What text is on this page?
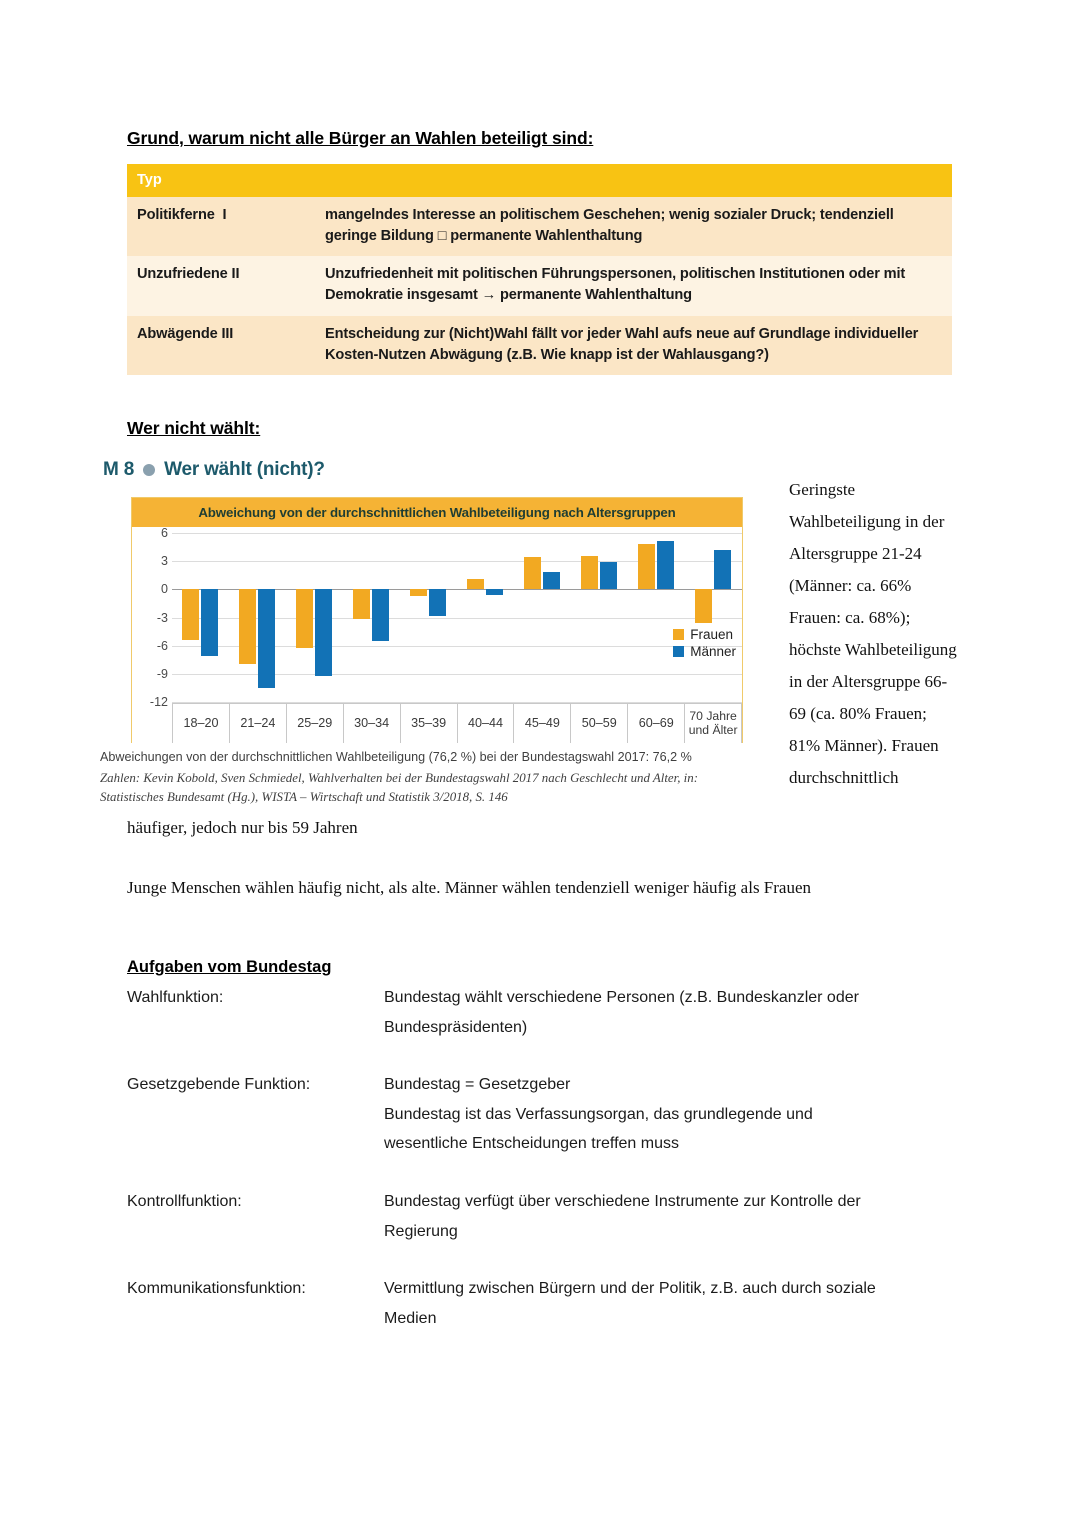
Grund, warum nicht alle Bürger an Wahlen beteiligt sind:
Typ	
Politikferne  I	mangelndes Interesse an politischem Geschehen; wenig sozialer Druck; tendenziell geringe Bildung □ permanente Wahlenthaltung
Unzufriedene II	Unzufriedenheit mit politischen Führungspersonen, politischen Institutionen oder mit Demokratie insgesamt → permanente Wahlenthaltung
Abwägende III	Entscheidung zur (Nicht)Wahl fällt vor jeder Wahl aufs neue auf Grundlage individueller Kosten-Nutzen Abwägung (z.B. Wie knapp ist der Wahlausgang?)
Wer nicht wählt:
M 8 Wer wählt (nicht)?
Abweichung von der durchschnittlichen Wahlbeteiligung nach Altersgruppen
6
3
0
-3
-6
-9
-12
18–20	21–24	25–29	30–34	35–39	40–44	45–49	50–59	60–69
70 Jahre
und Älter
Frauen
Männer
Abweichungen von der durchschnittlichen Wahlbeteiligung (76,2 %) bei der Bundestagswahl 2017: 76,2 %
Zahlen: Kevin Kobold, Sven Schmiedel, Wahlverhalten bei der Bundestagswahl 2017 nach Geschlecht und Alter, in: Statistisches Bundesamt (Hg.), WISTA – Wirtschaft und Statistik 3/2018, S. 146
Geringste Wahlbeteiligung in der Altersgruppe 21-24 (Männer: ca. 66% Frauen: ca. 68%); höchste Wahlbeteiligung in der Altersgruppe 66-69 (ca. 80% Frauen; 81% Männer). Frauen durchschnittlich
häufiger, jedoch nur bis 59 Jahren
Junge Menschen wählen häufig nicht, als alte. Männer wählen tendenziell weniger häufig als Frauen
Aufgaben vom Bundestag
Wahlfunktion:	Bundestag wählt verschiedene Personen (z.B. Bundeskanzler oder
Bundespräsidenten)
Gesetzgebende Funktion:	Bundestag = Gesetzgeber
Bundestag ist das Verfassungsorgan, das grundlegende und
wesentliche Entscheidungen treffen muss
Kontrollfunktion:	Bundestag verfügt über verschiedene Instrumente zur Kontrolle der
Regierung
Kommunikationsfunktion:	Vermittlung zwischen Bürgern und der Politik, z.B. auch durch soziale
Medien
